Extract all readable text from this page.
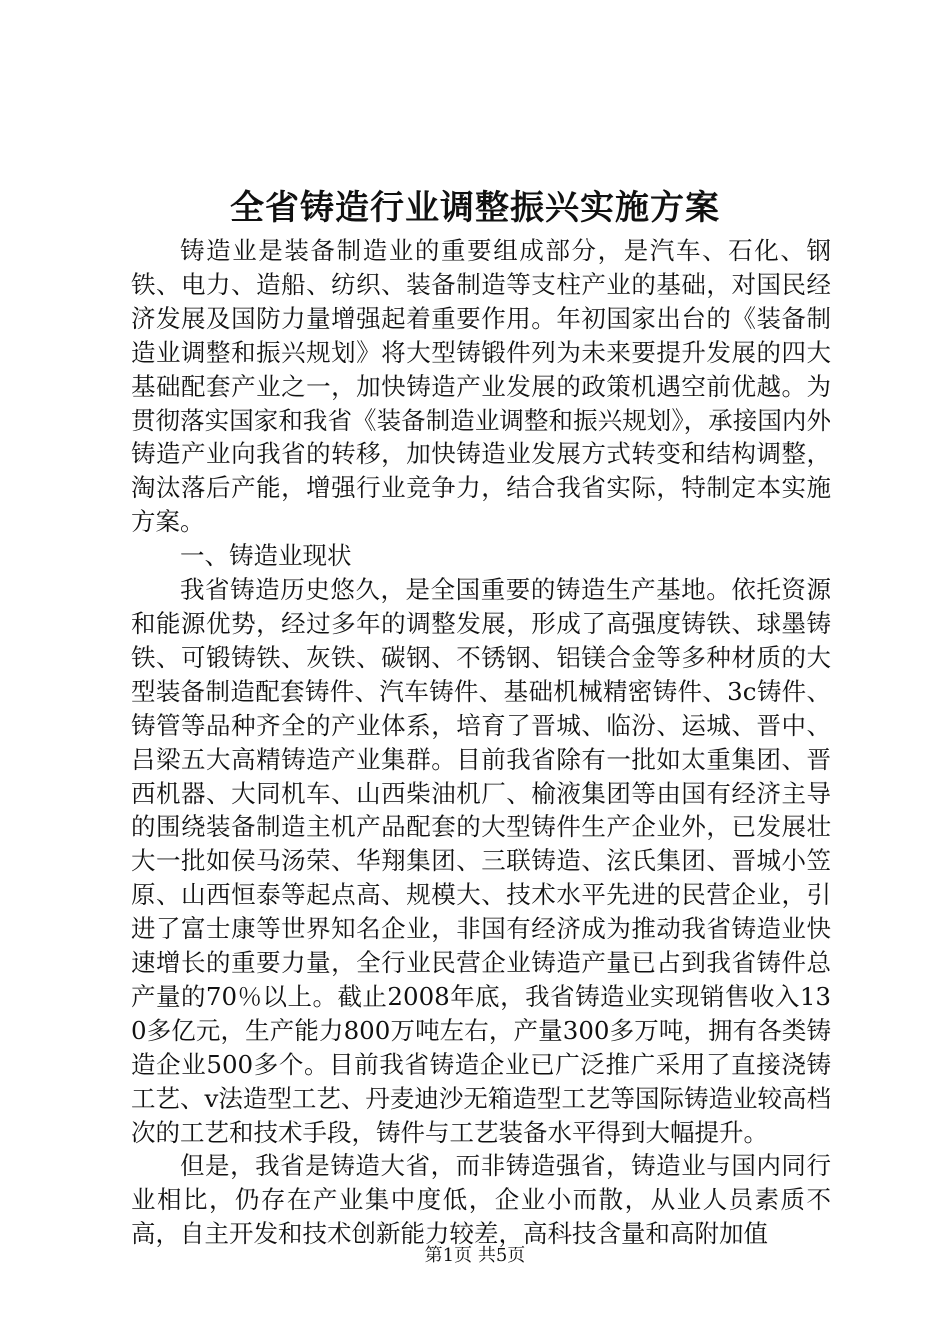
全省铸造行业调整振兴实施方案

铸造业是装备制造业的重要组成部分，是汽车、石化、钢铁、电力、造船、纺织、装备制造等支柱产业的基础，对国民经济发展及国防力量增强起着重要作用。年初国家出台的《装备制造业调整和振兴规划》将大型铸锻件列为未来要提升发展的四大基础配套产业之一，加快铸造产业发展的政策机遇空前优越。为贯彻落实国家和我省《装备制造业调整和振兴规划》，承接国内外铸造产业向我省的转移，加快铸造业发展方式转变和结构调整，淘汰落后产能，增强行业竞争力，结合我省实际，特制定本实施方案。

一、铸造业现状

我省铸造历史悠久，是全国重要的铸造生产基地。依托资源和能源优势，经过多年的调整发展，形成了高强度铸铁、球墨铸铁、可锻铸铁、灰铁、碳钢、不锈钢、铝镁合金等多种材质的大型装备制造配套铸件、汽车铸件、基础机械精密铸件、3c铸件、铸管等品种齐全的产业体系，培育了晋城、临汾、运城、晋中、吕梁五大高精铸造产业集群。目前我省除有一批如太重集团、晋西机器、大同机车、山西柴油机厂、榆液集团等由国有经济主导的围绕装备制造主机产品配套的大型铸件生产企业外，已发展壮大一批如侯马汤荣、华翔集团、三联铸造、泫氏集团、晋城小笠原、山西恒泰等起点高、规模大、技术水平先进的民营企业，引进了富士康等世界知名企业，非国有经济成为推动我省铸造业快速增长的重要力量，全行业民营企业铸造产量已占到我省铸件总产量的70％以上。截止2008年底，我省铸造业实现销售收入130多亿元，生产能力800万吨左右，产量300多万吨，拥有各类铸造企业500多个。目前我省铸造企业已广泛推广采用了直接浇铸工艺、v法造型工艺、丹麦迪沙无箱造型工艺等国际铸造业较高档次的工艺和技术手段，铸件与工艺装备水平得到大幅提升。

但是，我省是铸造大省，而非铸造强省，铸造业与国内同行业相比，仍存在产业集中度低，企业小而散，从业人员素质不高，自主开发和技术创新能力较差，高科技含量和高附加值

第1页 共5页
